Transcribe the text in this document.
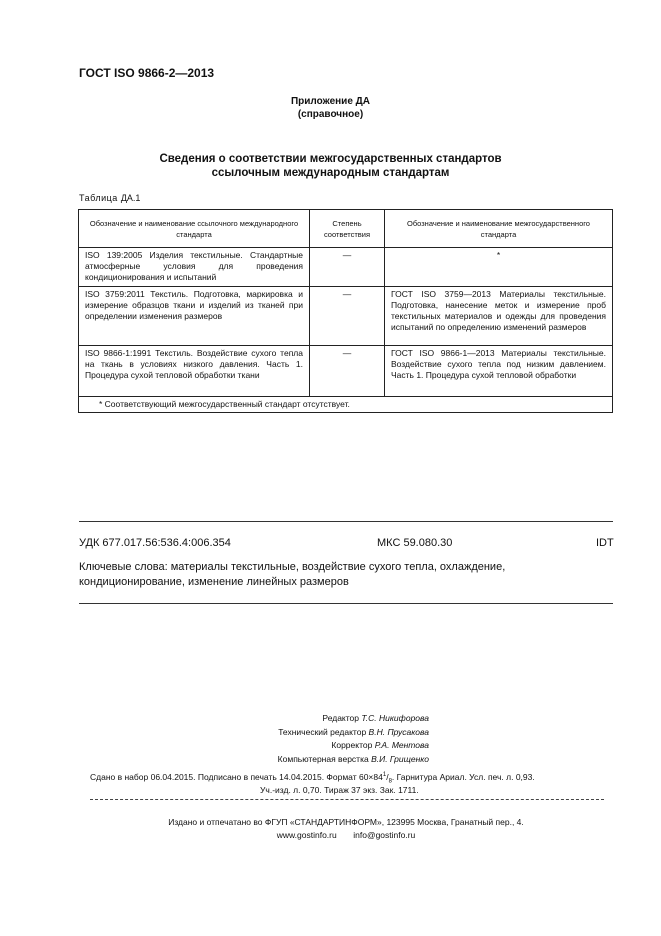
ГОСТ ISO 9866-2—2013
Приложение ДА
(справочное)
Сведения о соответствии межгосударственных стандартов
ссылочным международным стандартам
Таблица ДА.1
Обозначение и наименование ссылочного международного стандарта	Степень соответствия	Обозначение и наименование межгосударственного стандарта
ISO 139:2005 Изделия текстильные. Стандартные атмосферные условия для проведения кондиционирования и испытаний	—	*
ISO 3759:2011 Текстиль. Подготовка, маркировка и измерение образцов ткани и изделий из тканей при определении изменения размеров	—	ГОСТ ISO 3759—2013 Материалы текстильные. Подготовка, нанесение меток и измерение проб текстильных материалов и одежды для проведения испытаний по определению изменений размеров
ISO 9866-1:1991 Текстиль. Воздействие сухого тепла на ткань в условиях низкого давления. Часть 1. Процедура сухой тепловой обработки ткани	—	ГОСТ ISO 9866-1—2013 Материалы текстильные. Воздействие сухого тепла под низким давлением. Часть 1. Процедура сухой тепловой обработки
* Соответствующий межгосударственный стандарт отсутствует.		
УДК 677.017.56:536.4:006.354	МКС 59.080.30	IDT
Ключевые слова: материалы текстильные, воздействие сухого тепла, охлаждение, кондиционирование, изменение линейных размеров
Редактор Т.С. Никифорова
Технический редактор В.Н. Прусакова
Корректор Р.А. Ментова
Компьютерная верстка В.И. Грищенко
Сдано в набор 06.04.2015. Подписано в печать 14.04.2015. Формат $60\times 84^1/_8$. Гарнитура Ариал. Усл. печ. л. 0,93.
Уч.-изд. л. 0,70. Тираж 37 экз. Зак. 1711.
Издано и отпечатано во ФГУП «СТАНДАРТИНФОРМ», 123995 Москва, Гранатный пер., 4.
www.gostinfo.ru info@gostinfo.ru
